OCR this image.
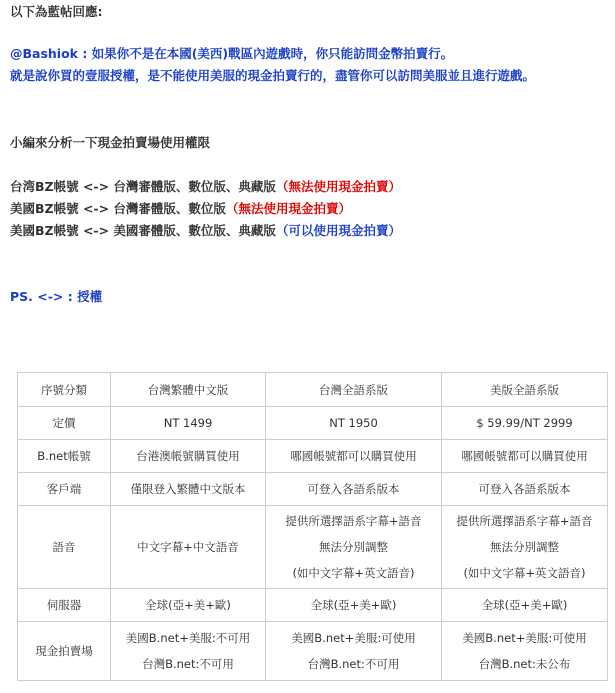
以下為藍帖回應:
@Bashiok : 如果你不是在本國(美西)戰區內遊戲時，你只能訪問金幣拍賣行。
就是說你買的壹服授權，是不能使用美服的現金拍賣行的，盡管你可以訪問美服並且進行遊戲。
小編來分析一下現金拍賣場使用權限
台湾BZ帳號 <-> 台灣審體版、數位版、典藏版（無法使用現金拍賣）
美國BZ帳號 <-> 台灣審體版、數位版（無法使用現金拍賣）
美國BZ帳號 <-> 美國審體版、數位版、典藏版（可以使用現金拍賣）
PS. <-> : 授權
序號分類	台灣繁體中文版	台灣全語系版	美版全語系版
定價	NT 1499	NT 1950	$ 59.99/NT 2999

B.net帳號	台港澳帳號購買使用	哪國帳號都可以購買使用	哪國帳號都可以購買使用

客戶端	僅限登入繁體中文版本	可登入各語系版本	可登入各語系版本

語音	中文字幕+中文語音	提供所選擇語系字幕+語音
無法分別調整
(如中文字幕+英文語音)	提供所選擇語系字幕+語音
無法分別調整
(如中文字幕+英文語音)

伺服器	全球(亞+美+歐)	全球(亞+美+歐)	全球(亞+美+歐)

現金拍賣場	美國B.net+美服:不可用
台灣B.net:不可用	美國B.net+美服:可使用
台灣B.net:不可用	美國B.net+美服:可使用
台灣B.net:未公布
